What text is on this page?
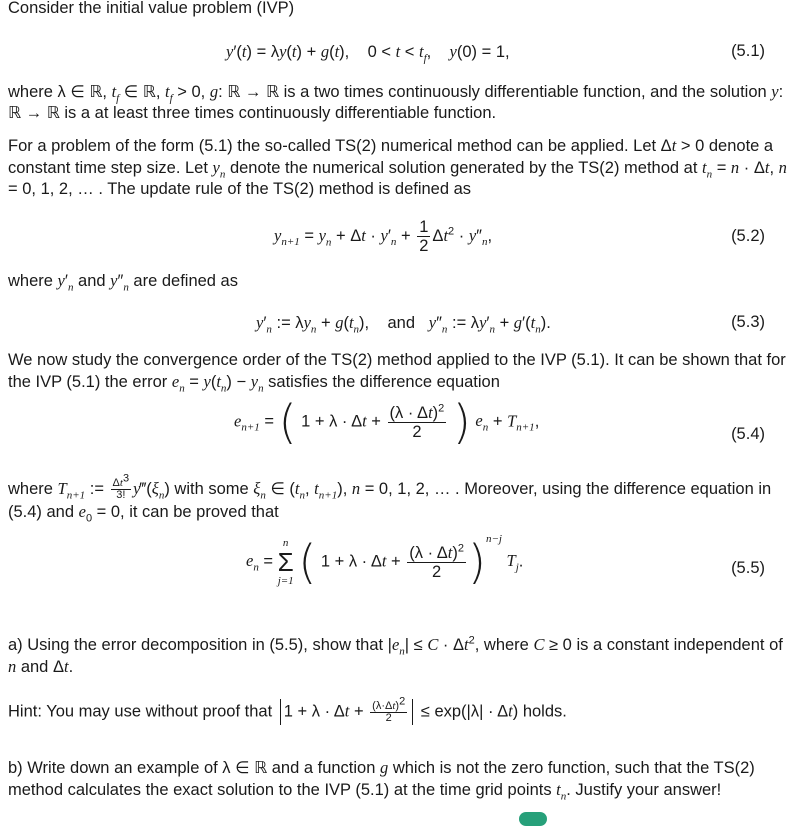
Consider the initial value problem (IVP)
y′(t) = λy(t) + g(t),    $0 < t < t_f$,    y(0) = 1,	(5.1)
where λ ∈ ℝ, $t_f$ ∈ ℝ, $t_f > 0$, g: ℝ → ℝ is a two times continuously differentiable function, and the solution y: ℝ → ℝ is a at least three times continuously differentiable function.
For a problem of the form (5.1) the so-called TS(2) numerical method can be applied. Let Δt > 0 denote a constant time step size. Let $y_n$ denote the numerical solution generated by the TS(2) method at $t_n = n \cdot \Delta t$, n = 0, 1, 2, … . The update rule of the TS(2) method is defined as
$y_{n+1} = y_n + \Delta t \cdot y'_n + \frac{1}{2} \Delta t^2 \cdot y''_n$,	(5.2)
where $y'_n$ and $y''_n$ are defined as
$y'_n$ := $\lambda y_n + g(t_n)$,    and   $y''_n$ := $\lambda y'_n + g'(t_n)$.	(5.3)
We now study the convergence order of the TS(2) method applied to the IVP (5.1). It can be shown that for the IVP (5.1) the error $e_n = y(t_n) - y_n$ satisfies the difference equation
$e_{n+1}$ = ( $1 + \lambda \cdot \Delta t + \frac{(\lambda \cdot \Delta t)^2}{2}$ ) $e_n + T_{n+1}$,
(5.4)
where $T_{n+1}$ := $\frac{\Delta t^3}{3!}$ $y‴(\xi_n)$ with some $\xi_n$ ∈ ($t_n$, $t_{n+1}$), n = 0, 1, 2, … . Moreover, using the difference equation in (5.4) and $e_0 = 0$, it can be proved that
$e_n$ =
n
Σ
j=1 ( $1 + \lambda \cdot \Delta t + \frac{(\lambda \cdot \Delta t)^2}{2} )^{n-j}$ $T_j$.	(5.5)
a) Using the error decomposition in (5.5), show that $|e_n| \le C \cdot \Delta t^2$, where C ≥ 0 is a constant independent of n and Δt.
Hint: You may use without proof that $1 + \lambda \cdot \Delta t + \frac{(\lambda\cdot\Delta t)^2}{2} \le \exp(|\lambda| \cdot \Delta t)$ holds.
b) Write down an example of λ ∈ ℝ and a function g which is not the zero function, such that the TS(2) method calculates the exact solution to the IVP (5.1) at the time grid points $t_n$. Justify your answer!
